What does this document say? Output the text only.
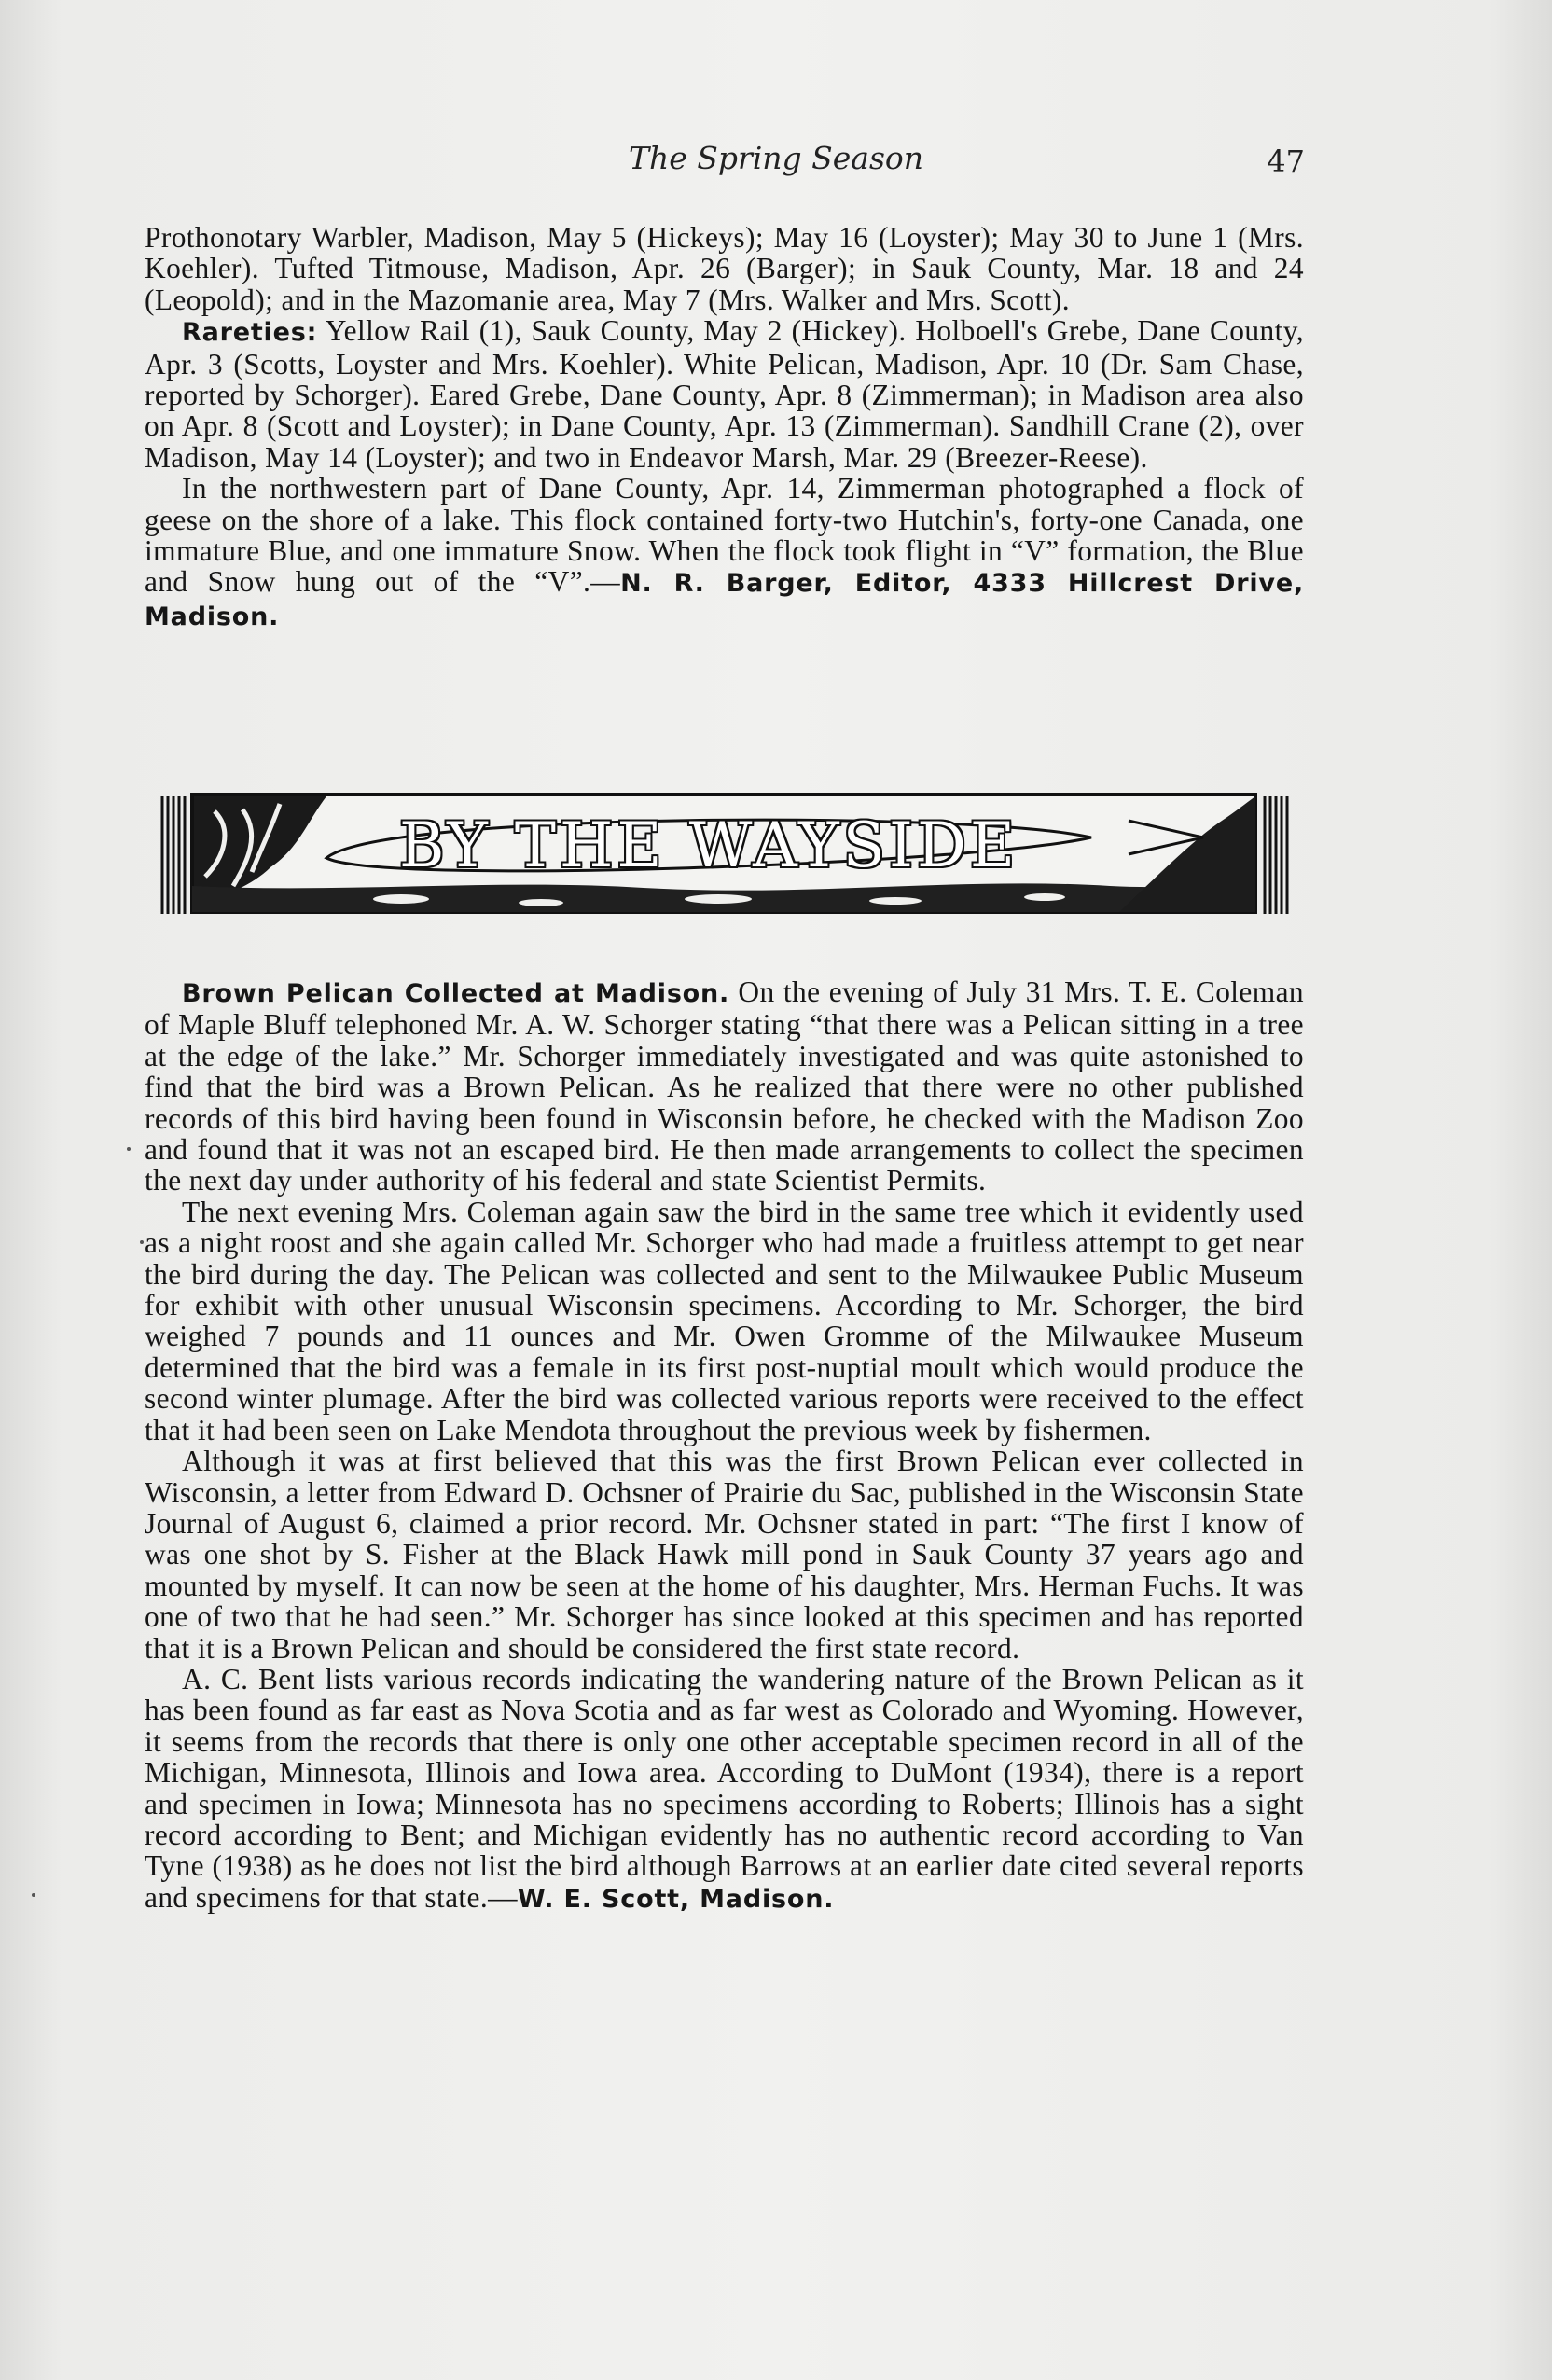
The Spring Season	47

Prothonotary Warbler, Madison, May 5 (Hickeys); May 16 (Loyster); May 30 to June 1 (Mrs. Koehler). Tufted Titmouse, Madison, Apr. 26 (Barger); in Sauk County, Mar. 18 and 24 (Leopold); and in the Mazomanie area, May 7 (Mrs. Walker and Mrs. Scott).

Rareties: Yellow Rail (1), Sauk County, May 2 (Hickey). Holboell's Grebe, Dane County, Apr. 3 (Scotts, Loyster and Mrs. Koehler). White Pelican, Madison, Apr. 10 (Dr. Sam Chase, reported by Schorger). Eared Grebe, Dane County, Apr. 8 (Zimmerman); in Madison area also on Apr. 8 (Scott and Loyster); in Dane County, Apr. 13 (Zimmerman). Sandhill Crane (2), over Madison, May 14 (Loyster); and two in Endeavor Marsh, Mar. 29 (Breezer-Reese).

In the northwestern part of Dane County, Apr. 14, Zimmerman photographed a flock of geese on the shore of a lake. This flock contained forty-two Hutchin's, forty-one Canada, one immature Blue, and one immature Snow. When the flock took flight in “V” formation, the Blue and Snow hung out of the “V”.—N. R. Barger, Editor, 4333 Hillcrest Drive, Madison.

BY THE WAYSIDE

Brown Pelican Collected at Madison. On the evening of July 31 Mrs. T. E. Coleman of Maple Bluff telephoned Mr. A. W. Schorger stating “that there was a Pelican sitting in a tree at the edge of the lake.” Mr. Schorger immediately investigated and was quite astonished to find that the bird was a Brown Pelican. As he realized that there were no other published records of this bird having been found in Wisconsin before, he checked with the Madison Zoo and found that it was not an escaped bird. He then made arrangements to collect the specimen the next day under authority of his federal and state Scientist Permits.

The next evening Mrs. Coleman again saw the bird in the same tree which it evidently used as a night roost and she again called Mr. Schorger who had made a fruitless attempt to get near the bird during the day. The Pelican was collected and sent to the Milwaukee Public Museum for exhibit with other unusual Wisconsin specimens. According to Mr. Schorger, the bird weighed 7 pounds and 11 ounces and Mr. Owen Gromme of the Milwaukee Museum determined that the bird was a female in its first post-nuptial moult which would produce the second winter plumage. After the bird was collected various reports were received to the effect that it had been seen on Lake Mendota throughout the previous week by fishermen.

Although it was at first believed that this was the first Brown Pelican ever collected in Wisconsin, a letter from Edward D. Ochsner of Prairie du Sac, published in the Wisconsin State Journal of August 6, claimed a prior record. Mr. Ochsner stated in part: “The first I know of was one shot by S. Fisher at the Black Hawk mill pond in Sauk County 37 years ago and mounted by myself. It can now be seen at the home of his daughter, Mrs. Herman Fuchs. It was one of two that he had seen.” Mr. Schorger has since looked at this specimen and has reported that it is a Brown Pelican and should be considered the first state record.

A. C. Bent lists various records indicating the wandering nature of the Brown Pelican as it has been found as far east as Nova Scotia and as far west as Colorado and Wyoming. However, it seems from the records that there is only one other acceptable specimen record in all of the Michigan, Minnesota, Illinois and Iowa area. According to DuMont (1934), there is a report and specimen in Iowa; Minnesota has no specimens according to Roberts; Illinois has a sight record according to Bent; and Michigan evidently has no authentic record according to Van Tyne (1938) as he does not list the bird although Barrows at an earlier date cited several reports and specimens for that state.—W. E. Scott, Madison.
